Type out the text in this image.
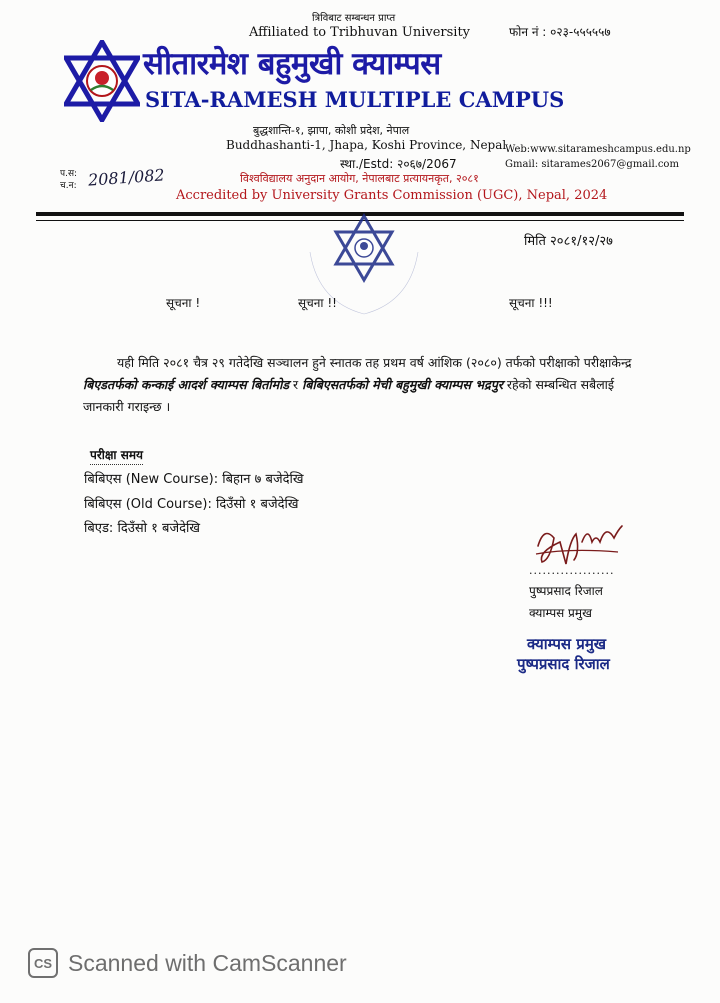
त्रिविबाट सम्बन्धन प्राप्त
Affiliated to Tribhuvan University	फोन नं : ०२३-५५५५५७
सीतारमेश बहुमुखी क्याम्पस
SITA-RAMESH MULTIPLE CAMPUS
बुद्धशान्ति-१, झापा, कोशी प्रदेश, नेपाल
Buddhashanti-1, Jhapa, Koshi Province, Nepal
स्था./Estd: २०६७/2067
Web:www.sitarameshcampus.edu.np
Gmail: sitarames2067@gmail.com
प.स:
च.न: 2081/082	विश्वविद्यालय अनुदान आयोग, नेपालबाट प्रत्यायनकृत, २०८१
Accredited by University Grants Commission (UGC), Nepal, 2024
मिति २०८१/१२/२७
सूचना !	सूचना !!	सूचना !!!
यही मिति २०८१ चैत्र २९ गतेदेखि सञ्चालन हुने स्नातक तह प्रथम वर्ष आंशिक (२०८०) तर्फको परीक्षाको परीक्षाकेन्द्र बिएडतर्फको कन्काई आदर्श क्याम्पस बिर्तामोड र बिबिएसतर्फको मेची बहुमुखी क्याम्पस भद्रपुर रहेको सम्बन्धित सबैलाई जानकारी गराइन्छ ।
परीक्षा समय
बिबिएस (New Course): बिहान ७ बजेदेखि
बिबिएस (Old Course): दिउँसो १ बजेदेखि
बिएड: दिउँसो १ बजेदेखि
...................
पुष्पप्रसाद रिजाल
क्याम्पस प्रमुख
क्याम्पस प्रमुख
पुष्पप्रसाद रिजाल
CS Scanned with CamScanner
